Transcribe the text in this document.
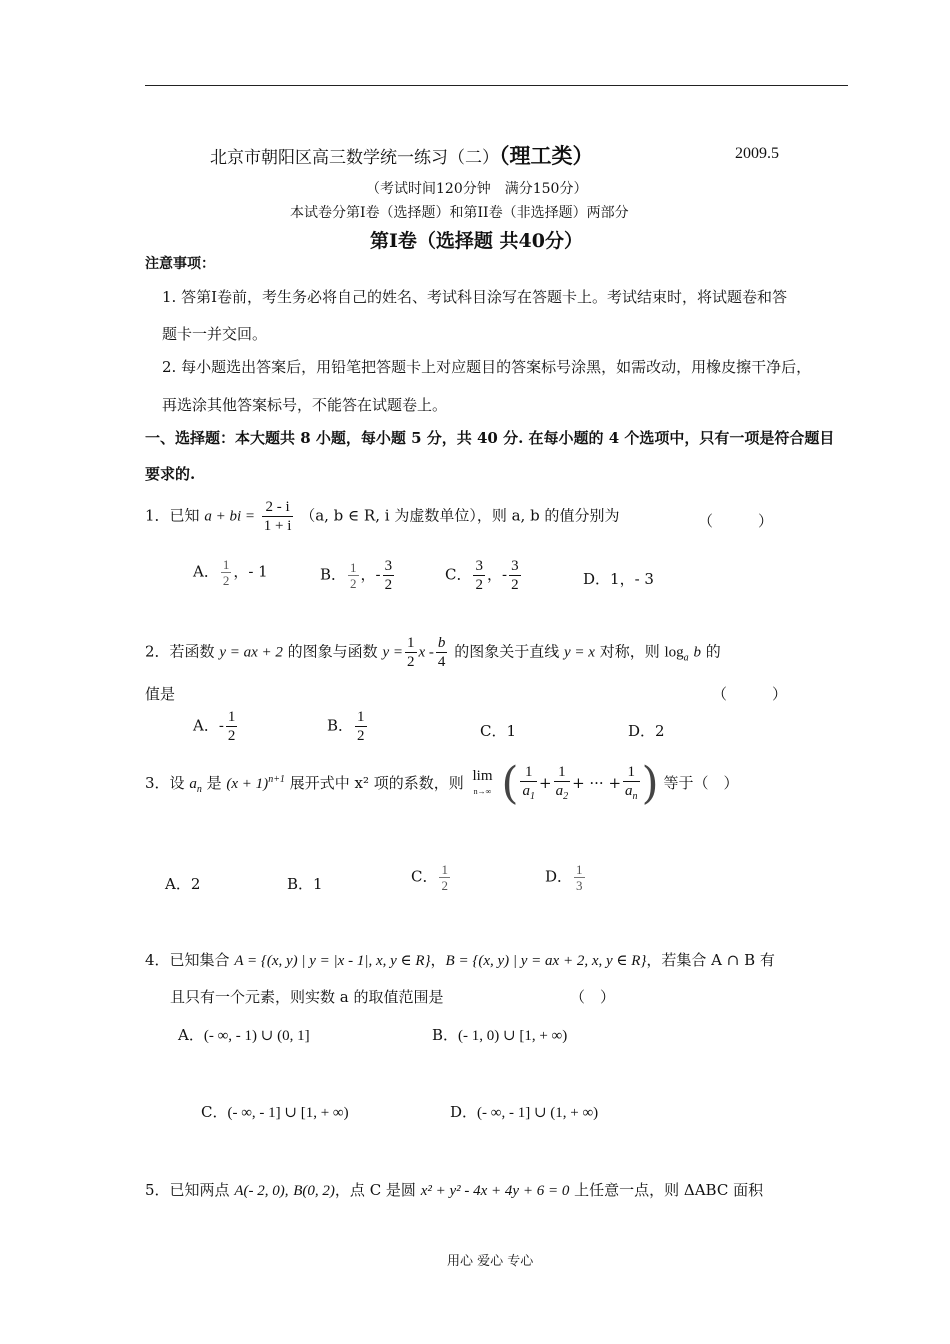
北京市朝阳区高三数学统一练习（二）（理工类）	2009.5
（考试时间120分钟　满分150分）
本试卷分第I卷（选择题）和第II卷（非选择题）两部分
第I卷（选择题 共40分）
注意事项：
1. 答第I卷前，考生务必将自己的姓名、考试科目涂写在答题卡上。考试结束时，将试题卷和答
题卡一并交回。
2. 每小题选出答案后，用铅笔把答题卡上对应题目的答案标号涂黑，如需改动，用橡皮擦干净后，
再选涂其他答案标号，不能答在试题卷上。
一、选择题：本大题共 8 小题，每小题 5 分，共 40 分. 在每小题的 4 个选项中，只有一项是符合题目
要求的.
1．已知 a + bi = $\frac{2 - i}{1 + i} (a$, b ∈ R, i 为虚数单位），则 a, b 的值分别为	（　　　）
A． $\frac{1}{2}$ ，- 1	B． $\frac{1}{2}$ ，- $\frac{3}{2}$	C． $\frac{3}{2}$ ，- $\frac{3}{2}$	D．1，- 3
2．若函数 y = ax + 2 的图象与函数 $y = \frac{1}{2}$ x - $\frac{b}{4}$ 的图象关于直线 y = x 对称，则 $\log_a b$ 的
值是	（　　　）
A．- $\frac{1}{2}$	B． $\frac{1}{2}$	C．1	D．2
3．设 $a_n$ 是 $(x + 1)^{n+1}$ 展开式中 x² 项的系数，则 lim
n→∞ ( $\frac{1}{a_1} + \frac{1}{a_2}$ + ··· + $\frac{1}{a_n}$ ) 等于（　）
A．2	B．1	C． $\frac{1}{2}$	D． $\frac{1}{3}$
4．已知集合 A = {(x, y) | y = |x - 1|, x, y ∈ R}，B = {(x, y) | y = ax + 2, x, y ∈ R}，若集合 A ∩ B 有
且只有一个元素，则实数 a 的取值范围是	（　）
A．(- ∞, - 1) ∪ (0, 1]	B．(- 1, 0) ∪ [1, + ∞)
C．(- ∞, - 1] ∪ [1, + ∞)	D．(- ∞, - 1] ∪ (1, + ∞)
5．已知两点 A(- 2, 0), B(0, 2)，点 C 是圆 x² + y² - 4x + 4y + 6 = 0 上任意一点，则 ΔABC 面积
用心 爱心 专心
